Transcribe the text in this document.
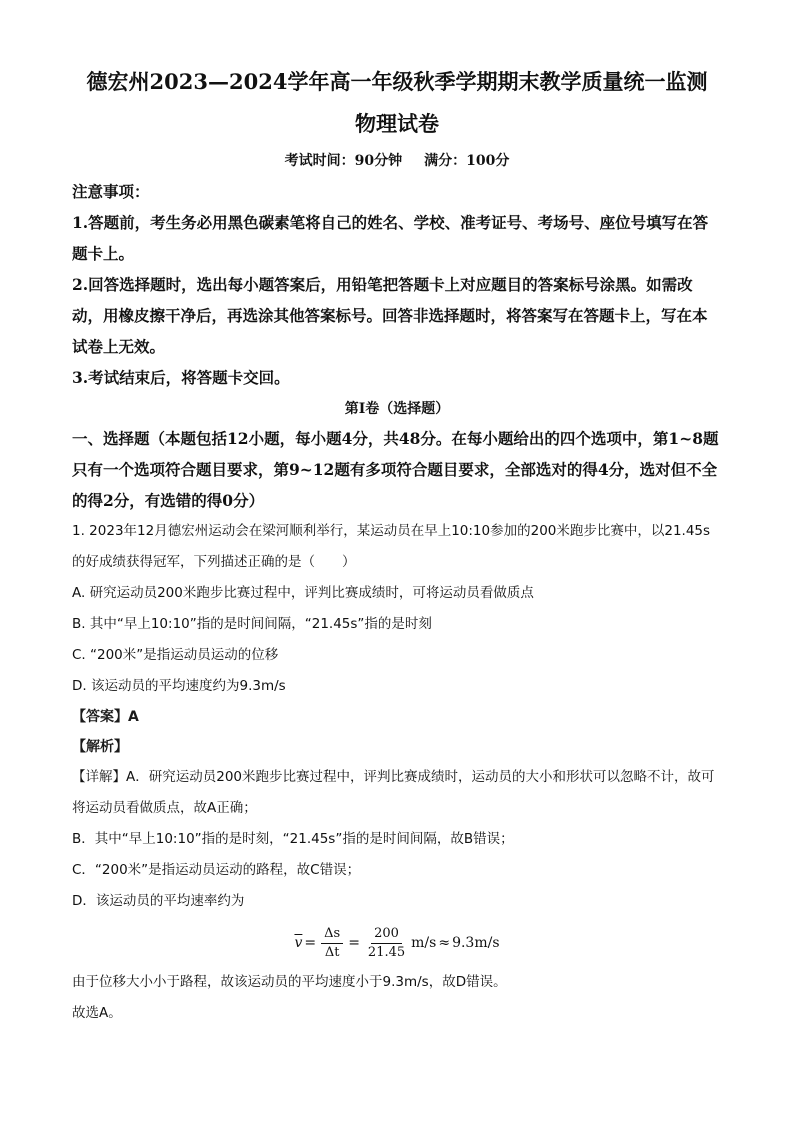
德宏州2023—2024学年高一年级秋季学期期末教学质量统一监测

物理试卷

考试时间：90分钟 满分：100分

注意事项：

1.答题前，考生务必用黑色碳素笔将自己的姓名、学校、准考证号、考场号、座位号填写在答题卡上。

2.回答选择题时，选出每小题答案后，用铅笔把答题卡上对应题目的答案标号涂黑。如需改动，用橡皮擦干净后，再选涂其他答案标号。回答非选择题时，将答案写在答题卡上，写在本试卷上无效。

3.考试结束后，将答题卡交回。

第Ⅰ卷（选择题）

一、选择题（本题包括12小题，每小题4分，共48分。在每小题给出的四个选项中，第1~8题只有一个选项符合题目要求，第9~12题有多项符合题目要求，全部选对的得4分，选对但不全的得2分，有选错的得0分）

1. 2023年12月德宏州运动会在梁河顺利举行，某运动员在早上10:10参加的200米跑步比赛中，以21.45s的好成绩获得冠军，下列描述正确的是（　　）

A. 研究运动员200米跑步比赛过程中，评判比赛成绩时，可将运动员看做质点

B. 其中“早上10:10”指的是时间间隔，“21.45s”指的是时刻

C. “200米”是指运动员运动的位移

D. 该运动员的平均速度约为9.3m/s

【答案】A
【解析】

【详解】A．研究运动员200米跑步比赛过程中，评判比赛成绩时，运动员的大小和形状可以忽略不计，故可将运动员看做质点，故A正确；

B．其中“早上10:10”指的是时刻，“21.45s”指的是时间间隔，故B错误；

C．“200米”是指运动员运动的路程，故C错误；

D．该运动员的平均速率约为

$\overline{v} = \frac{\Delta s}{\Delta t} = \frac{200}{21.45} m/s \approx 9.3m/s$

由于位移大小小于路程，故该运动员的平均速度小于9.3m/s，故D错误。

故选A。
